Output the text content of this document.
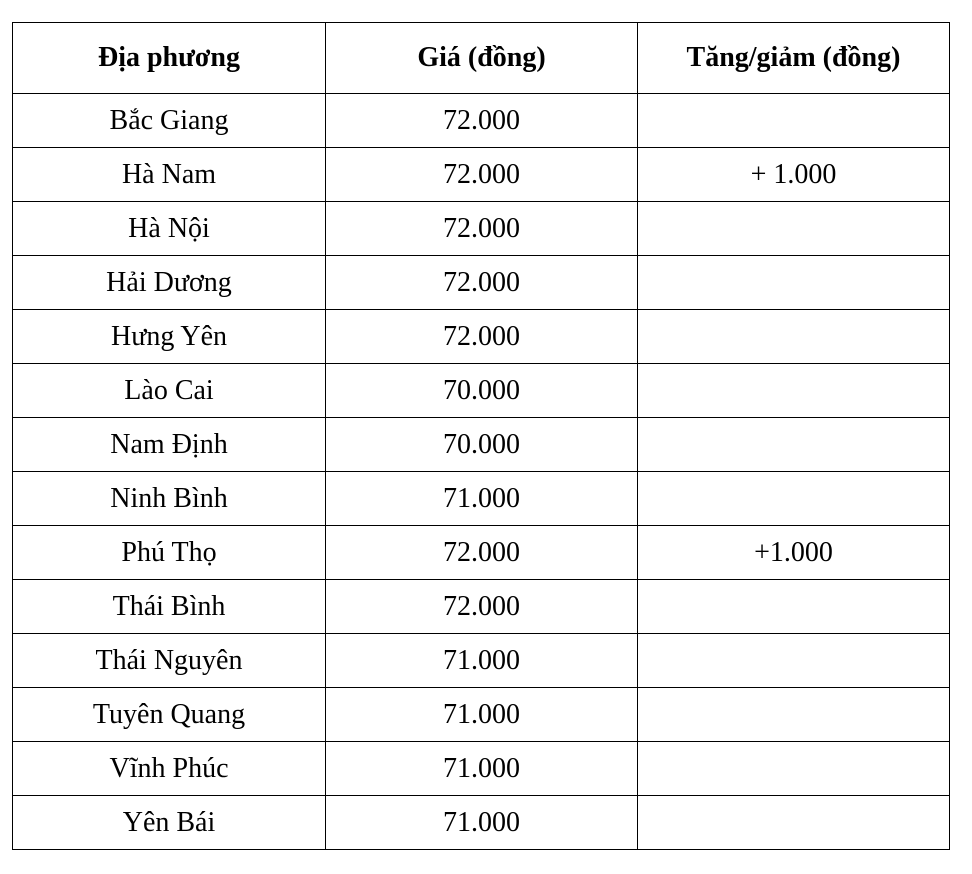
Địa phương	Giá (đồng)	Tăng/giảm (đồng)
Bắc Giang	72.000	
Hà Nam	72.000	+ 1.000
Hà Nội	72.000	
Hải Dương	72.000	
Hưng Yên	72.000	
Lào Cai	70.000	
Nam Định	70.000	
Ninh Bình	71.000	
Phú Thọ	72.000	+1.000
Thái Bình	72.000	
Thái Nguyên	71.000	
Tuyên Quang	71.000	
Vĩnh Phúc	71.000	
Yên Bái	71.000	
